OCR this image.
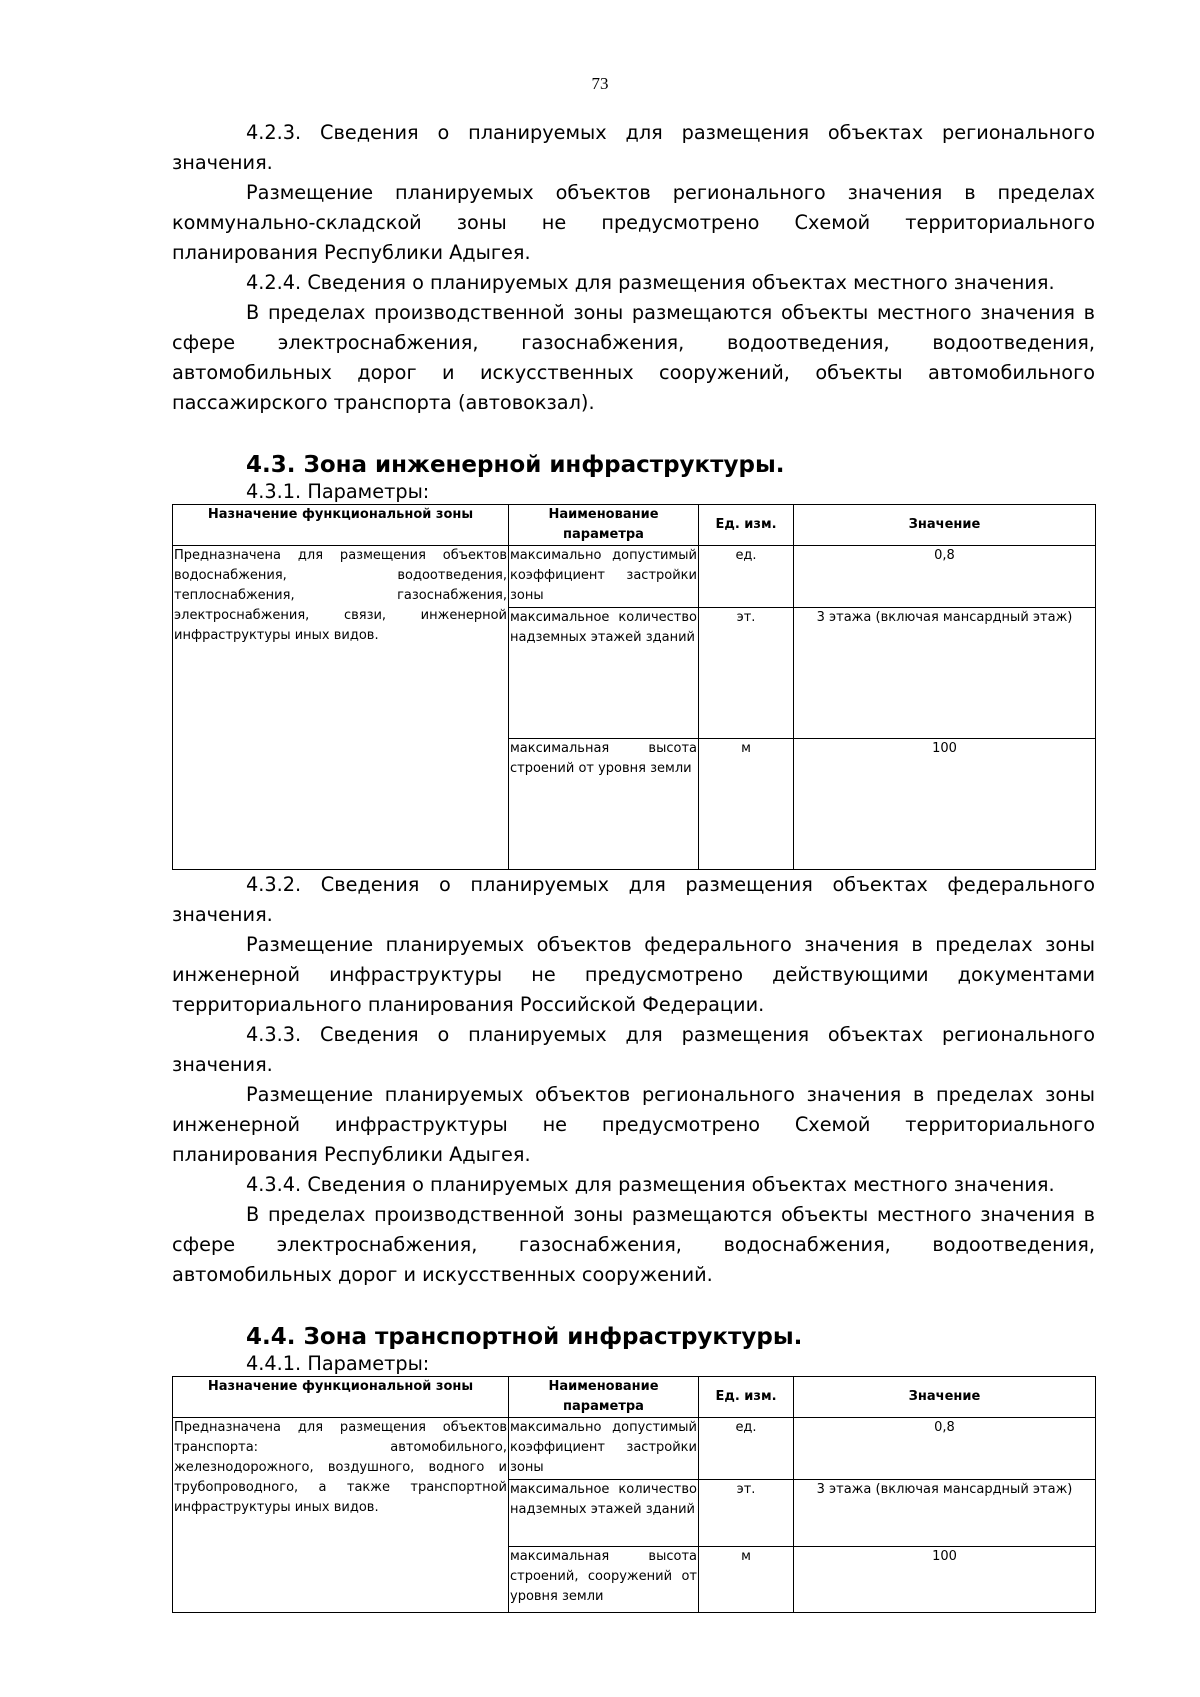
73

4.2.3. Сведения о планируемых для размещения объектах регионального значения.

Размещение планируемых объектов регионального значения в пределах коммунально-складской зоны не предусмотрено Схемой территориального планирования Республики Адыгея.

4.2.4. Сведения о планируемых для размещения объектах местного значения.

В пределах производственной зоны размещаются объекты местного значения в сфере электроснабжения, газоснабжения, водоотведения, водоотведения, автомобильных дорог и искусственных сооружений, объекты автомобильного пассажирского транспорта (автовокзал).

4.3. Зона инженерной инфраструктуры.

4.3.1. Параметры:

Назначение функциональной зоны	Наименование параметра	Ед. изм.	Значение
Предназначена для размещения объектов водоснабжения, водоотведения, теплоснабжения, газоснабжения, электроснабжения, связи, инженерной инфраструктуры иных видов.	максимально допустимый коэффициент застройки зоны	ед.	0,8
	максимальное количество надземных этажей зданий	эт.	3 этажа (включая мансардный этаж)
	максимальная высота строений от уровня земли	м	100

4.3.2. Сведения о планируемых для размещения объектах федерального значения.

Размещение планируемых объектов федерального значения в пределах зоны инженерной инфраструктуры не предусмотрено действующими документами территориального планирования Российской Федерации.

4.3.3. Сведения о планируемых для размещения объектах регионального значения.

Размещение планируемых объектов регионального значения в пределах зоны инженерной инфраструктуры не предусмотрено Схемой территориального планирования Республики Адыгея.

4.3.4. Сведения о планируемых для размещения объектах местного значения.

В пределах производственной зоны размещаются объекты местного значения в сфере электроснабжения, газоснабжения, водоснабжения, водоотведения, автомобильных дорог и искусственных сооружений.

4.4. Зона транспортной инфраструктуры.

4.4.1. Параметры:

Назначение функциональной зоны	Наименование параметра	Ед. изм.	Значение
Предназначена для размещения объектов транспорта: автомобильного, железнодорожного, воздушного, водного и трубопроводного, а также транспортной инфраструктуры иных видов.	максимально допустимый коэффициент застройки зоны	ед.	0,8
	максимальное количество надземных этажей зданий	эт.	3 этажа (включая мансардный этаж)
	максимальная высота строений, сооружений от уровня земли	м	100
